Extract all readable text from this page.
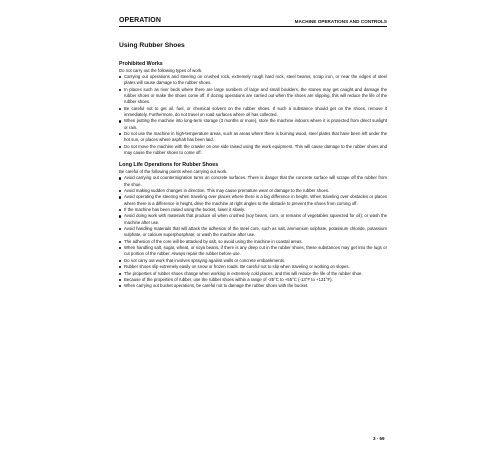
OPERATION	MACHINE OPERATIONS AND CONTROLS
Using Rubber Shoes
Prohibited Works
Do not carry out the following types of work.
Carrying out operations and steering on crushed rock, extremely rough hard rock, steel beams, scrap iron, or near the edges of steel plates will cause damage to the rubber shoes.
In places such as river beds where there are large numbers of large and small boulders, the stones may get caught and damage the rubber shoes or make the shoes come off. If dozing operations are carried out when the shoes are slipping, this will reduce the life of the rubber shoes.
Be careful not to get oil, fuel, or chemical solvent on the rubber shoes. If such a substance should get on the shoes, remove it immediately. Furthermore, do not travel on road surfaces where oil has collected.
When putting the machine into long-term storage (3 months or more), store the machine indoors where it is protected from direct sunlight or rain.
Do not use the machine in high-temperature areas, such as areas where there is burning wood, steel plates that have been left under the hot sun, or places where asphalt has been laid.
Do not move the machine with the crawler on one side raised using the work equipment. This will cause damage to the rubber shoes and may cause the rubber shoes to come off.
Long Life Operations for Rubber Shoes
Be careful of the following points when carrying out work.
Avoid carrying out countermigration turns on concrete surfaces. There is danger that the concrete surface will scrape off the rubber from the shoe.
Avoid making sudden changes in direction. This may cause premature wear or damage to the rubber shoes.
Avoid operating the steering when traveling over places where there is a big difference in height. When traveling over obstacles or places where there is a difference in height, drive the machine at right angles to the obstacle to prevent the shoes from coming off.
If the machine has been raised using the bucket, lower it slowly.
Avoid doing work with materials that produce oil when crushed (soy beans, corn, or remains of vegetables squeezed for oil); or wash the machine after use.
Avoid handling materials that will attack the adhesion of the steel core, such as salt, ammonium sulphate, potassium chloride, potassium sulphate, or calcium superphosphate; or wash the machine after use.
The adhesion of the core will be attacked by salt, so avoid using the machine in coastal areas.
When handling salt, sugar, wheat, or soya beans, if there is any deep cut in the rubber shoes, these substances may get into the lugs or cut portion of the rubber. Always repair the rubber before use.
Do not carry out work that involves spraying against walls or concrete embankments.
Rubber shoes slip extremely easily on snow or frozen roads. Be careful not to slip when traveling or working on slopes.
The properties of rubber shoes change when working in extremely cold places, and this will reduce the life of the rubber shoe.
Because of the properties of rubber, use the rubber shoes within a range of -25°C to +55°C (-13°F to +131°F).
When carrying out bucket operations, be careful not to damage the rubber shoes with the bucket.
3 - 69
